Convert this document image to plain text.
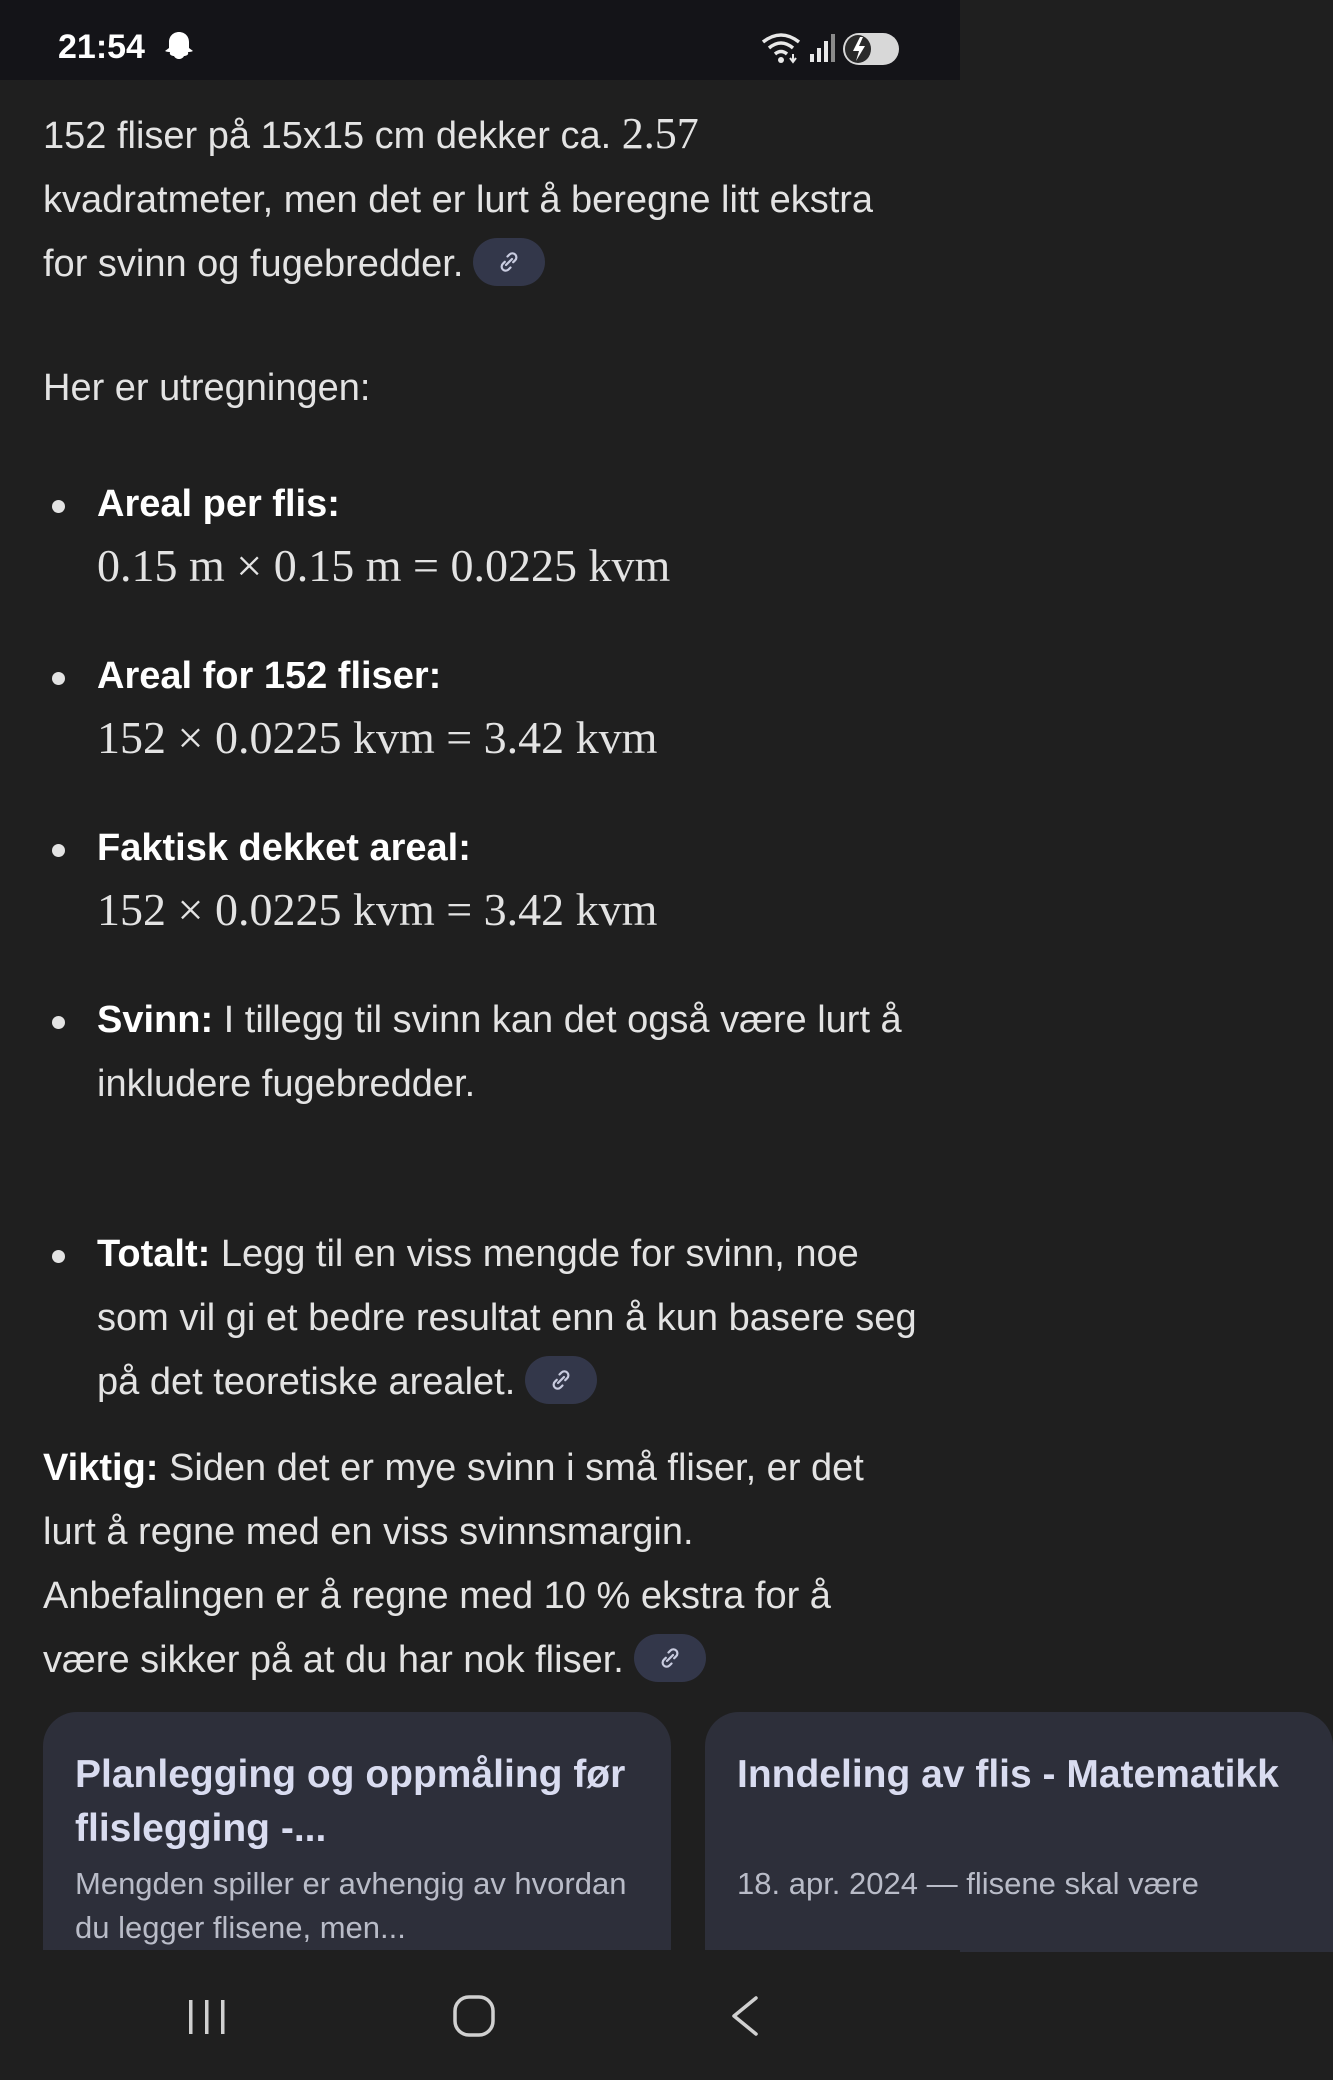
21:54

152 fliser på 15x15 cm dekker ca. 2.57 kvadratmeter, men det er lurt å beregne litt ekstra for svinn og fugebredder.

Her er utregningen:

Areal per flis:
0.15 m × 0.15 m = 0.0225 kvm
Areal for 152 fliser:
152 × 0.0225 kvm = 3.42 kvm
Faktisk dekket areal:
152 × 0.0225 kvm = 3.42 kvm

Svinn: I tillegg til svinn kan det også være lurt å inkludere fugebredder.

Totalt: Legg til en viss mengde for svinn, noe som vil gi et bedre resultat enn å kun basere seg på det teoretiske arealet.

Viktig: Siden det er mye svinn i små fliser, er det lurt å regne med en viss svinnsmargin. Anbefalingen er å regne med 10 % ekstra for å være sikker på at du har nok fliser.

Planlegging og oppmåling før flislegging -...
Mengden spiller er avhengig av hvordan du legger flisene, men...
Inndeling av flis - Matematikk
18. apr. 2024 — flisene skal være
